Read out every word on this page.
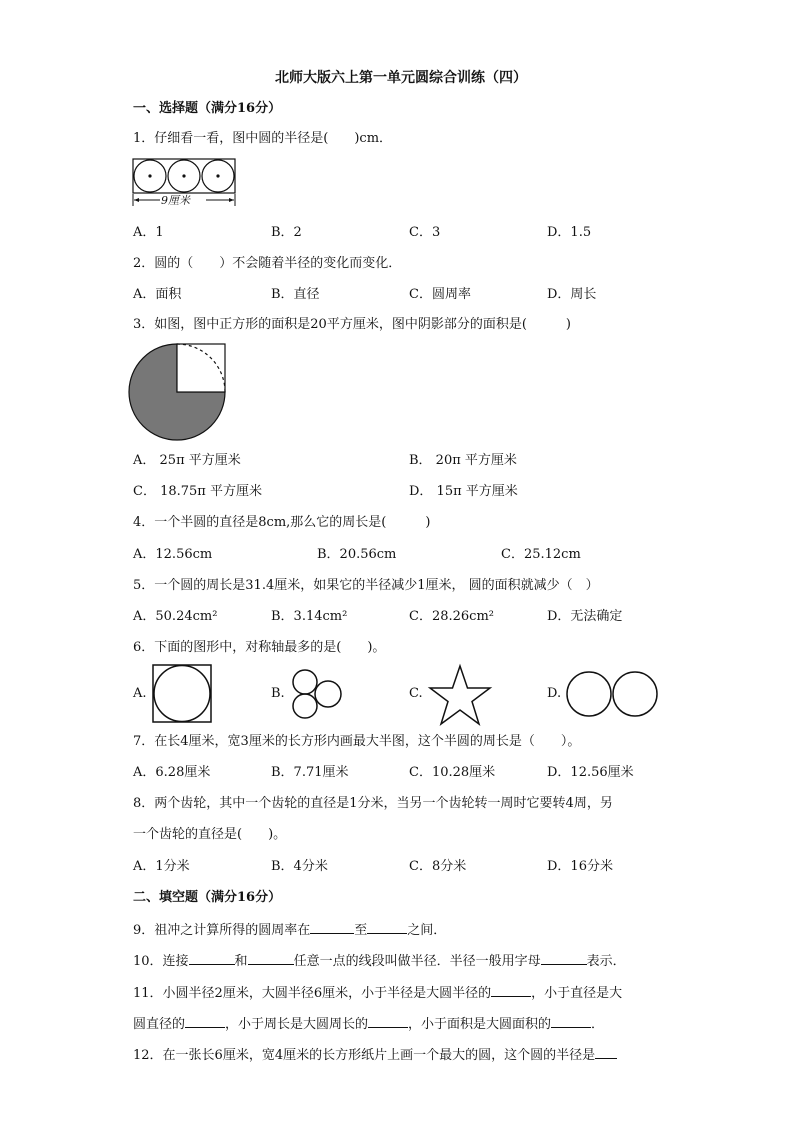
北师大版六上第一单元圆综合训练（四）
一、选择题（满分16分）
1．仔细看一看，图中圆的半径是(　　)cm．
9厘米
A．1	B．2	C．3	D．1.5
2．圆的（　　）不会随着半径的变化而变化．
A．面积	B．直径	C．圆周率	D．周长
3．如图，图中正方形的面积是20平方厘米，图中阴影部分的面积是(　　　)
A． 25π 平方厘米	B． 20π 平方厘米
C． 18.75π 平方厘米	D． 15π 平方厘米
4．一个半圆的直径是8cm,那么它的周长是(　　　)
A．12.56cm	B．20.56cm	C．25.12cm
5．一个圆的周长是31.4厘米，如果它的半径减少1厘米， 圆的面积就减少（　）
A．50.24cm²	B．3.14cm²	C．28.26cm²	D．无法确定
6．下面的图形中，对称轴最多的是(　　)。
A.	B.	C.	D.
7．在长4厘米，宽3厘米的长方形内画最大半图，这个半圆的周长是（　　）。
A．6.28厘米	B．7.71厘米	C．10.28厘米	D．12.56厘米
8．两个齿轮，其中一个齿轮的直径是1分米，当另一个齿轮转一周时它要转4周，另
一个齿轮的直径是(　　)。
A．1分米	B．4分米	C．8分米	D．16分米
二、填空题（满分16分）
9．祖冲之计算所得的圆周率在	至	之间．
10．连接	和	任意一点的线段叫做半径．半径一般用字母	表示．
11．小圆半径2厘米，大圆半径6厘米，小于半径是大圆半径的	，小于直径是大
圆直径的	，小于周长是大圆周长的	，小于面积是大圆面积的	．
12．在一张长6厘米，宽4厘米的长方形纸片上画一个最大的圆，这个圆的半径是
